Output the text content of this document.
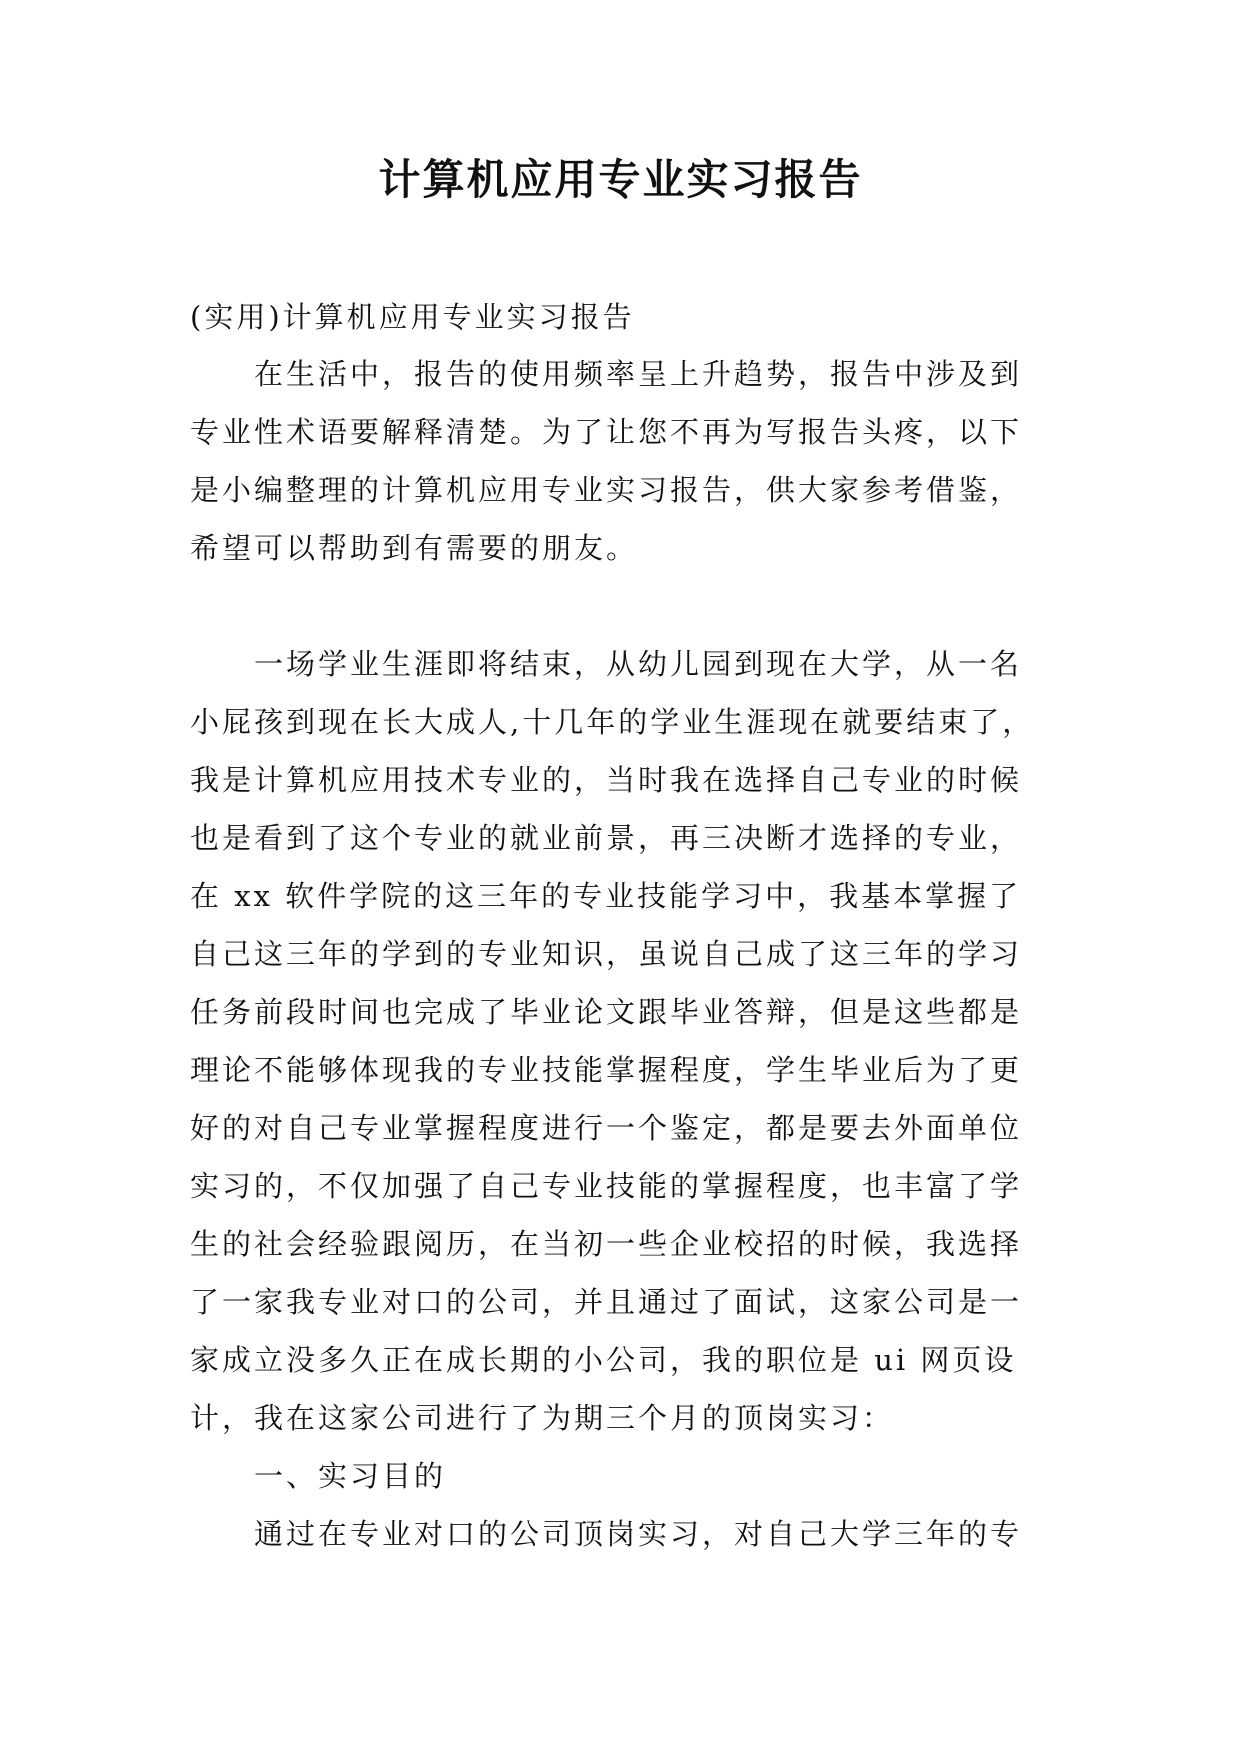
计算机应用专业实习报告
(实用)计算机应用专业实习报告
在生活中，报告的使用频率呈上升趋势，报告中涉及到
专业性术语要解释清楚。为了让您不再为写报告头疼，以下
是小编整理的计算机应用专业实习报告，供大家参考借鉴，
希望可以帮助到有需要的朋友。
一场学业生涯即将结束，从幼儿园到现在大学，从一名
小屁孩到现在长大成人,十几年的学业生涯现在就要结束了，
我是计算机应用技术专业的，当时我在选择自己专业的时候
也是看到了这个专业的就业前景，再三决断才选择的专业，
在 xx 软件学院的这三年的专业技能学习中，我基本掌握了
自己这三年的学到的专业知识，虽说自己成了这三年的学习
任务前段时间也完成了毕业论文跟毕业答辩，但是这些都是
理论不能够体现我的专业技能掌握程度，学生毕业后为了更
好的对自己专业掌握程度进行一个鉴定，都是要去外面单位
实习的，不仅加强了自己专业技能的掌握程度，也丰富了学
生的社会经验跟阅历，在当初一些企业校招的时候，我选择
了一家我专业对口的公司，并且通过了面试，这家公司是一
家成立没多久正在成长期的小公司，我的职位是 ui 网页设
计，我在这家公司进行了为期三个月的顶岗实习：
一、实习目的
通过在专业对口的公司顶岗实习，对自己大学三年的专
